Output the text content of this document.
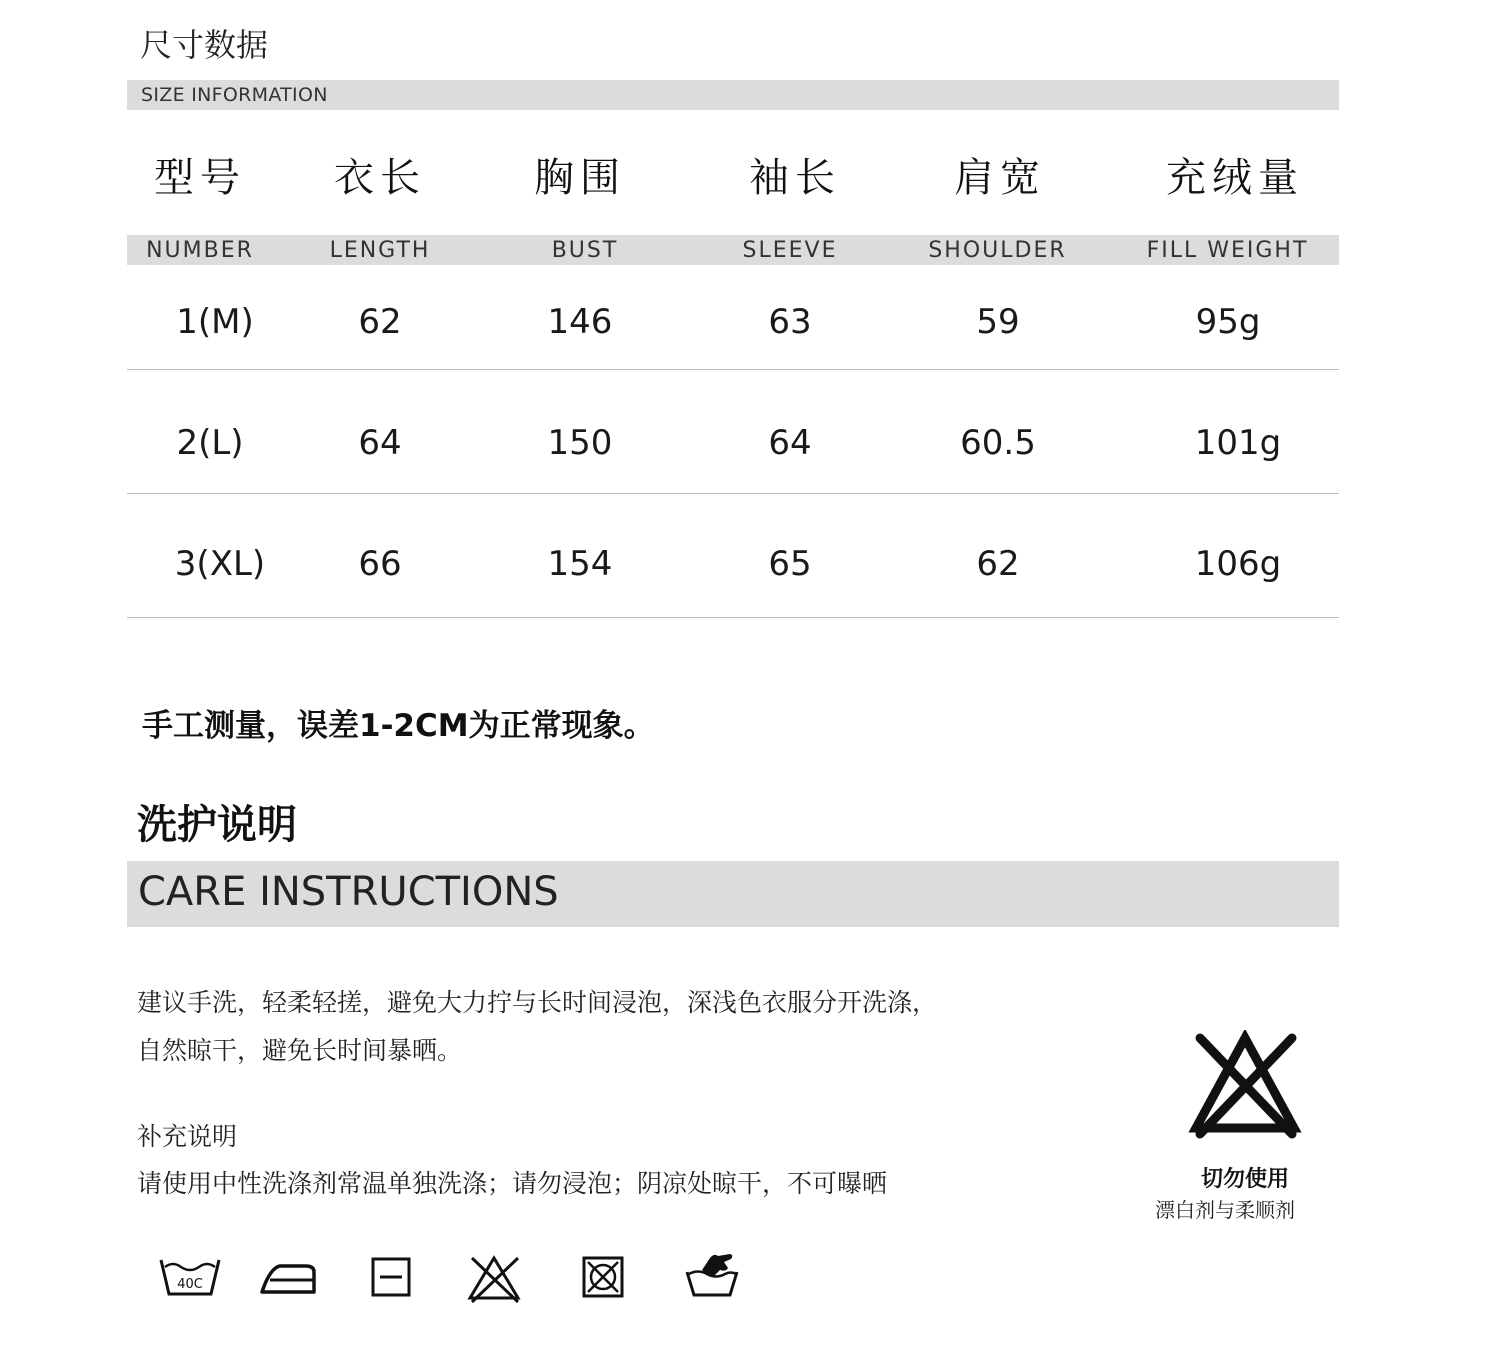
尺寸数据
SIZE INFORMATION
型号	衣长	胸围	袖长	肩宽	充绒量
NUMBER	LENGTH	BUST	SLEEVE	SHOULDER	FILL WEIGHT
1(M)	62	146	63	59	95g
2(L)	64	150	64	60.5	101g
3(XL)	66	154	65	62	106g
手工测量，误差1-2CM为正常现象。
洗护说明
CARE INSTRUCTIONS
建议手洗，轻柔轻搓，避免大力拧与长时间浸泡，深浅色衣服分开洗涤，
自然晾干，避免长时间暴晒。
补充说明
请使用中性洗涤剂常温单独洗涤；请勿浸泡；阴凉处晾干，不可曝晒	切勿使用
漂白剂与柔顺剂
40C
